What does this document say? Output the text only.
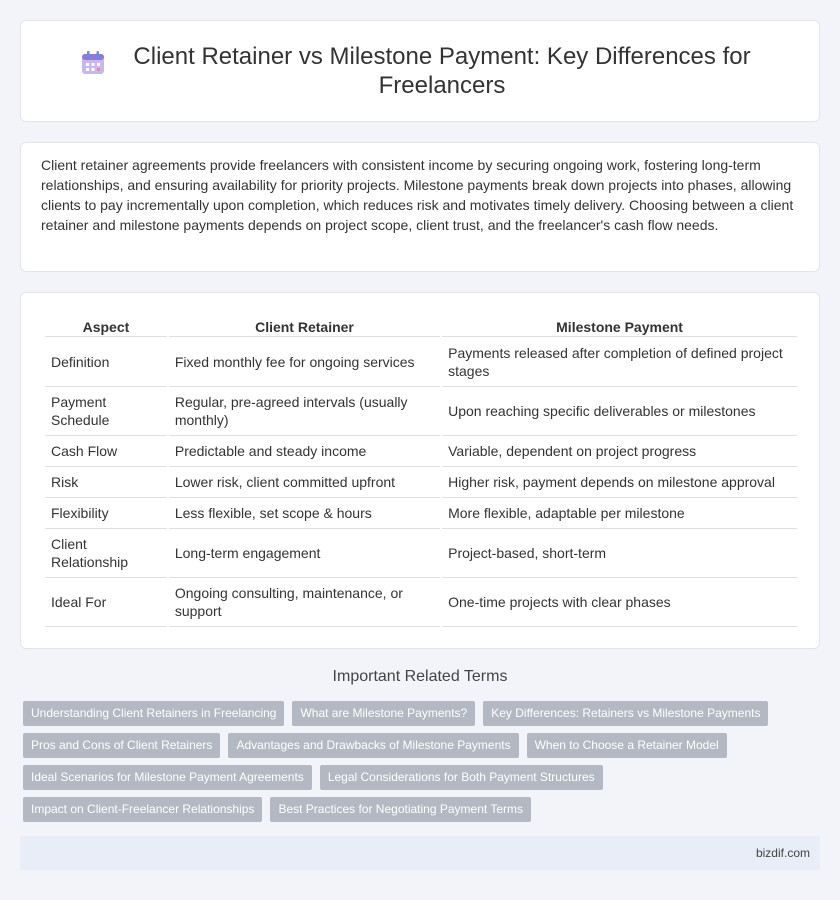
Client Retainer vs Milestone Payment: Key Differences for Freelancers

Client retainer agreements provide freelancers with consistent income by securing ongoing work, fostering long-term relationships, and ensuring availability for priority projects. Milestone payments break down projects into phases, allowing clients to pay incrementally upon completion, which reduces risk and motivates timely delivery. Choosing between a client retainer and milestone payments depends on project scope, client trust, and the freelancer's cash flow needs.

Aspect	Client Retainer	Milestone Payment
Definition	Fixed monthly fee for ongoing services	Payments released after completion of defined project stages
Payment Schedule	Regular, pre-agreed intervals (usually monthly)	Upon reaching specific deliverables or milestones
Cash Flow	Predictable and steady income	Variable, dependent on project progress
Risk	Lower risk, client committed upfront	Higher risk, payment depends on milestone approval
Flexibility	Less flexible, set scope & hours	More flexible, adaptable per milestone
Client Relationship	Long-term engagement	Project-based, short-term
Ideal For	Ongoing consulting, maintenance, or support	One-time projects with clear phases
Important Related Terms
Understanding Client Retainers in Freelancing	What are Milestone Payments?	Key Differences: Retainers vs Milestone Payments
Pros and Cons of Client Retainers	Advantages and Drawbacks of Milestone Payments	When to Choose a Retainer Model
Ideal Scenarios for Milestone Payment Agreements	Legal Considerations for Both Payment Structures
Impact on Client-Freelancer Relationships	Best Practices for Negotiating Payment Terms
bizdif.com
